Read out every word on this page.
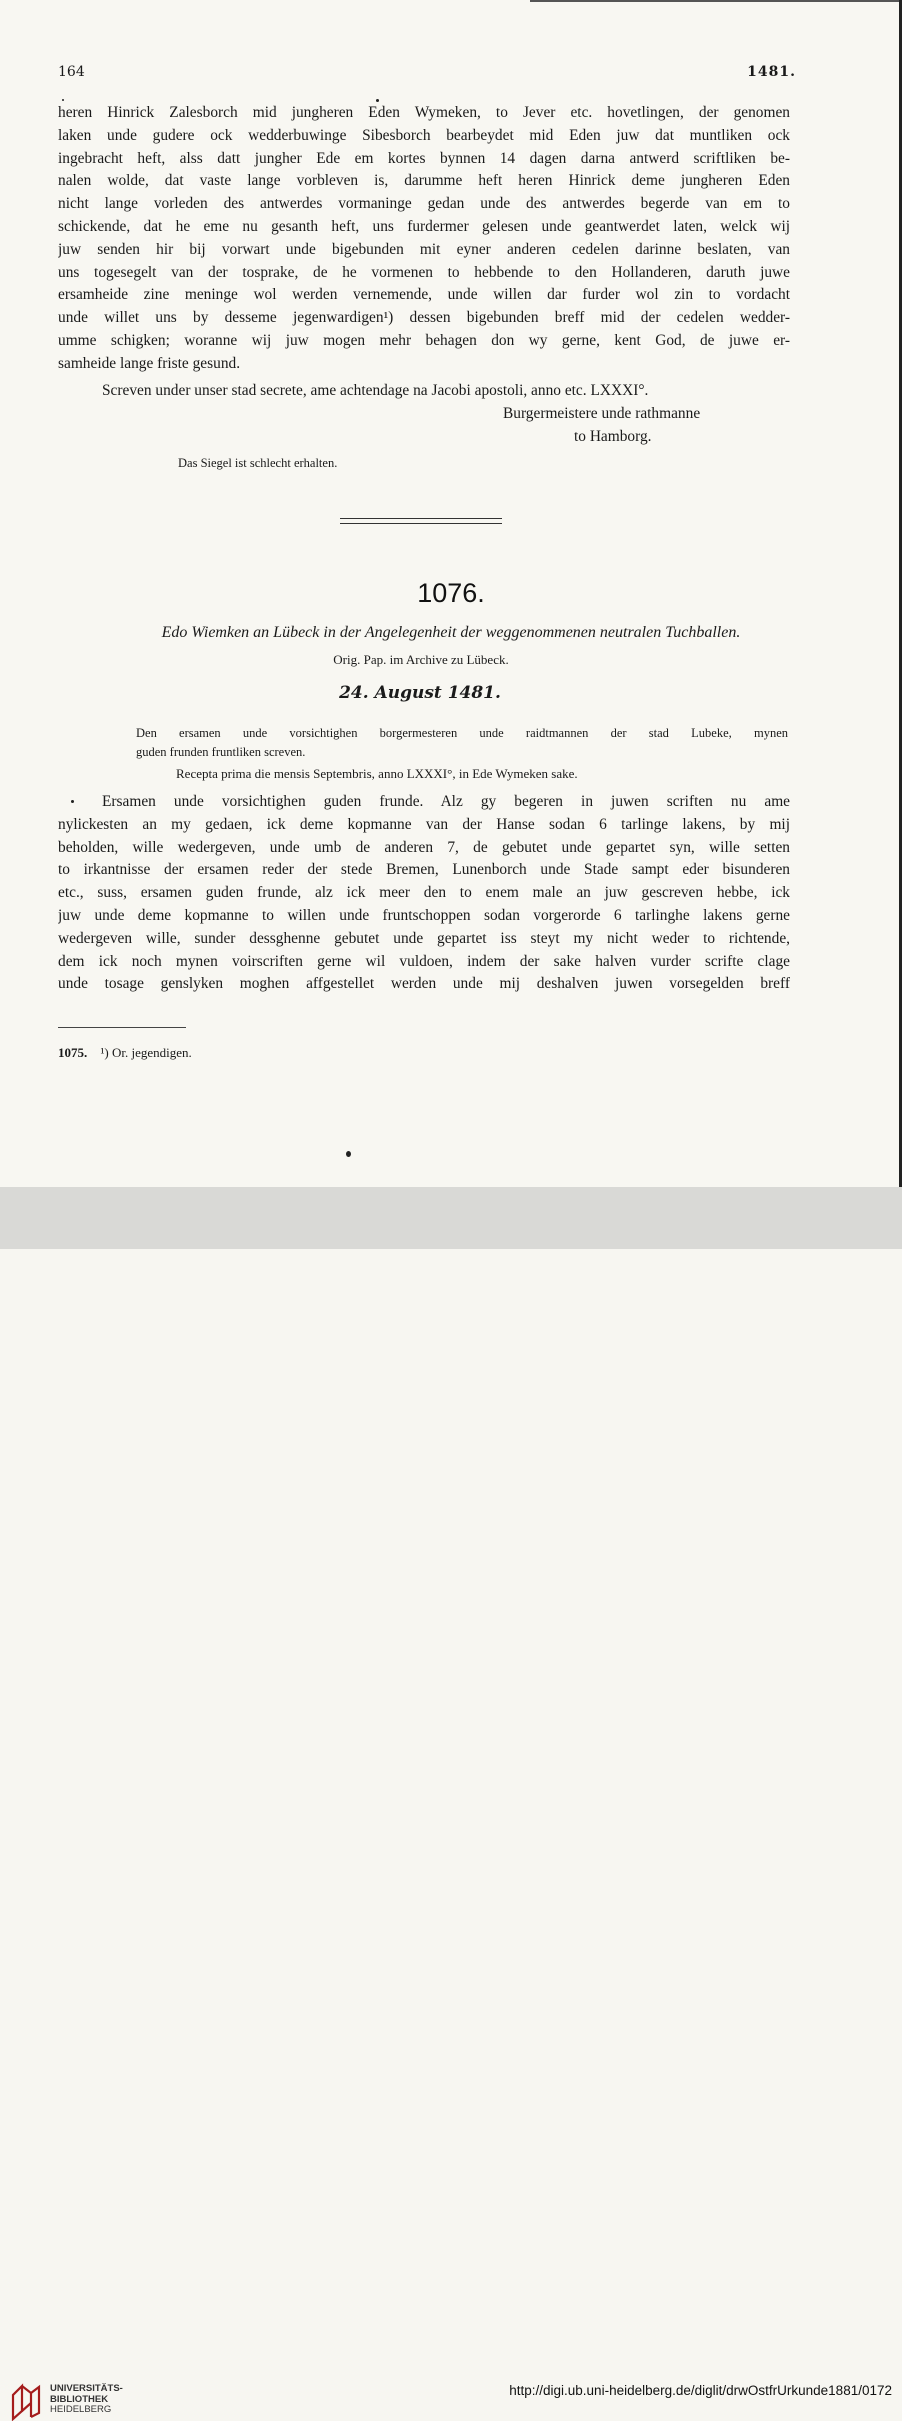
164	1481.
heren Hinrick Zalesborch mid jungheren Eden Wymeken, to Jever etc. hovetlingen, der genomen
laken unde gudere ock wedderbuwinge Sibesborch bearbeydet mid Eden juw dat muntliken ock
ingebracht heft, alss datt jungher Ede em kortes bynnen 14 dagen darna antwerd scriftliken be-
nalen wolde, dat vaste lange vorbleven is, darumme heft heren Hinrick deme jungheren Eden
nicht lange vorleden des antwerdes vormaninge gedan unde des antwerdes begerde van em to
schickende, dat he eme nu gesanth heft, uns furdermer gelesen unde geantwerdet laten, welck wij
juw senden hir bij vorwart unde bigebunden mit eyner anderen cedelen darinne beslaten, van
uns togesegelt van der tosprake, de he vormenen to hebbende to den Hollanderen, daruth juwe
ersamheide zine meninge wol werden vernemende, unde willen dar furder wol zin to vordacht
unde willet uns by desseme jegenwardigen¹) dessen bigebunden breff mid der cedelen wedder-
umme schigken; woranne wij juw mogen mehr behagen don wy gerne, kent God, de juwe er-
samheide lange friste gesund.
Screven under unser stad secrete, ame achtendage na Jacobi apostoli, anno etc. LXXXI°.
Burgermeistere unde rathmanne
to Hamborg.
Das Siegel ist schlecht erhalten.
1076.
Edo Wiemken an Lübeck in der Angelegenheit der weggenommenen neutralen Tuchballen.
Orig. Pap. im Archive zu Lübeck.
24. August 1481.
Den ersamen unde vorsichtighen borgermesteren unde raidtmannen der stad Lubeke, mynen
guden frunden fruntliken screven.
Recepta prima die mensis Septembris, anno LXXXI°, in Ede Wymeken sake.
Ersamen unde vorsichtighen guden frunde. Alz gy begeren in juwen scriften nu ame
nylickesten an my gedaen, ick deme kopmanne van der Hanse sodan 6 tarlinge lakens, by mij
beholden, wille wedergeven, unde umb de anderen 7, de gebutet unde gepartet syn, wille setten
to irkantnisse der ersamen reder der stede Bremen, Lunenborch unde Stade sampt eder bisunderen
etc., suss, ersamen guden frunde, alz ick meer den to enem male an juw gescreven hebbe, ick
juw unde deme kopmanne to willen unde fruntschoppen sodan vorgerorde 6 tarlinghe lakens gerne
wedergeven wille, sunder dessghenne gebutet unde gepartet iss steyt my nicht weder to richtende,
dem ick noch mynen voirscriften gerne wil vuldoen, indem der sake halven vurder scrifte clage
unde tosage genslyken moghen affgestellet werden unde mij deshalven juwen vorsegelden breff
1075. ¹) Or. jegendigen.
UNIVERSITÄTS-
BIBLIOTHEK
HEIDELBERG
http://digi.ub.uni-heidelberg.de/diglit/drwOstfrUrkunde1881/0172
